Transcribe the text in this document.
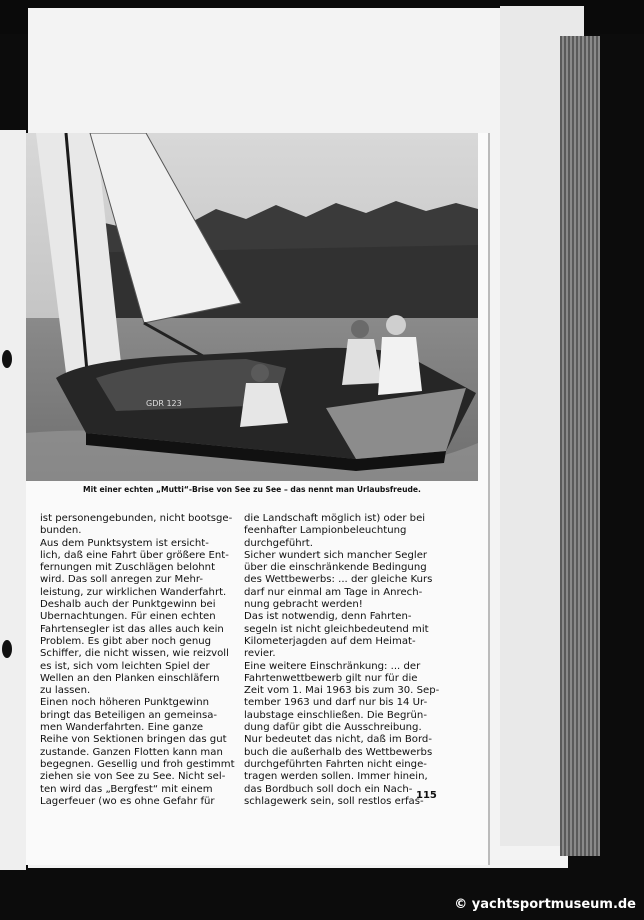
GDR 123
Mit einer echten „Mutti“-Brise von See zu See – das nennt man Urlaubsfreude.
ist personengebunden, nicht bootsge-
bunden.
Aus dem Punktsystem ist ersicht-
lich, daß eine Fahrt über größere Ent-
fernungen mit Zuschlägen belohnt
wird. Das soll anregen zur Mehr-
leistung, zur wirklichen Wanderfahrt.
Deshalb auch der Punktgewinn bei
Übernachtungen. Für einen echten
Fahrtensegler ist das alles auch kein
Problem. Es gibt aber noch genug
Schiffer, die nicht wissen, wie reizvoll
es ist, sich vom leichten Spiel der
Wellen an den Planken einschläfern
zu lassen.
Einen noch höheren Punktgewinn
bringt das Beteiligen an gemeinsa-
men Wanderfahrten. Eine ganze
Reihe von Sektionen bringen das gut
zustande. Ganzen Flotten kann man
begegnen. Gesellig und froh gestimmt
ziehen sie von See zu See. Nicht sel-
ten wird das „Bergfest“ mit einem
Lagerfeuer (wo es ohne Gefahr für
die Landschaft möglich ist) oder bei
feenhafter Lampionbeleuchtung
durchgeführt.
Sicher wundert sich mancher Segler
über die einschränkende Bedingung
des Wettbewerbs: ... der gleiche Kurs
darf nur einmal am Tage in Anrech-
nung gebracht werden!
Das ist notwendig, denn Fahrten-
segeln ist nicht gleichbedeutend mit
Kilometerjagden auf dem Heimat-
revier.
Eine weitere Einschränkung: ... der
Fahrtenwettbewerb gilt nur für die
Zeit vom 1. Mai 1963 bis zum 30. Sep-
tember 1963 und darf nur bis 14 Ur-
laubstage einschließen. Die Begrün-
dung dafür gibt die Ausschreibung.
Nur bedeutet das nicht, daß im Bord-
buch die außerhalb des Wettbewerbs
durchgeführten Fahrten nicht einge-
tragen werden sollen. Immer hinein,
das Bordbuch soll doch ein Nach-
schlagewerk sein, soll restlos erfas-
115
© yachtsportmuseum.de
